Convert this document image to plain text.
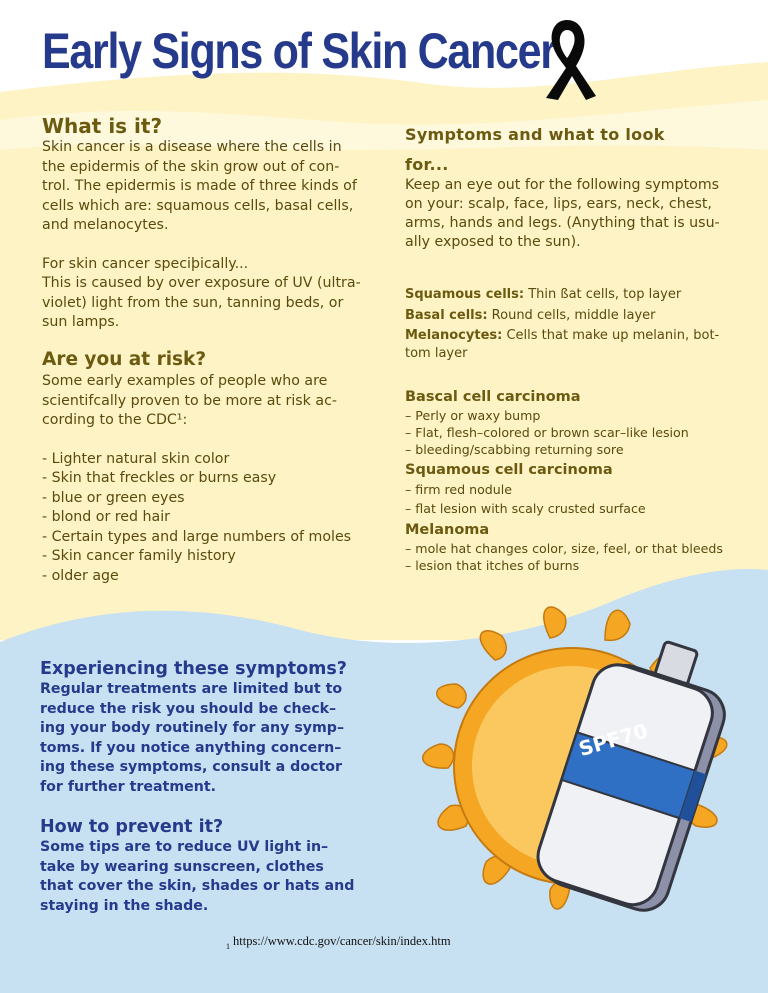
Early Signs of Skin Cancer
What is it?
Skin cancer is a disease where the cells in
the epidermis of the skin grow out of con-
trol. The epidermis is made of three kinds of
cells which are: squamous cells, basal cells,
and melanocytes.
For skin cancer speciþically...
This is caused by over exposure of UV (ultra-
violet) light from the sun, tanning beds, or
sun lamps.
Are you at risk?
Some early examples of people who are
scientifcally proven to be more at risk ac-
cording to the CDC¹:
- Lighter natural skin color
- Skin that freckles or burns easy
- blue or green eyes
- blond or red hair
- Certain types and large numbers of moles
- Skin cancer family history
- older age
Symptoms and what to look
for...
Keep an eye out for the following symptoms
on your: scalp, face, lips, ears, neck, chest,
arms, hands and legs. (Anything that is usu-
ally exposed to the sun).
Squamous cells: Thin ßat cells, top layer
Basal cells: Round cells, middle layer
Melanocytes: Cells that make up melanin, bot-
tom layer
Bascal cell carcinoma
– Perly or waxy bump
– Flat, flesh–colored or brown scar–like lesion
– bleeding/scabbing returning sore
Squamous cell carcinoma
– firm red nodule
– flat lesion with scaly crusted surface
Melanoma
– mole hat changes color, size, feel, or that bleeds
– lesion that itches of burns
SPF70
Experiencing these symptoms?
Regular treatments are limited but to
reduce the risk you should be check–
ing your body routinely for any symp–
toms. If you notice anything concern–
ing these symptoms, consult a doctor
for further treatment.
How to prevent it?
Some tips are to reduce UV light in–
take by wearing sunscreen, clothes
that cover the skin, shades or hats and
staying in the shade.
$_1$ https://www.cdc.gov/cancer/skin/index.htm
